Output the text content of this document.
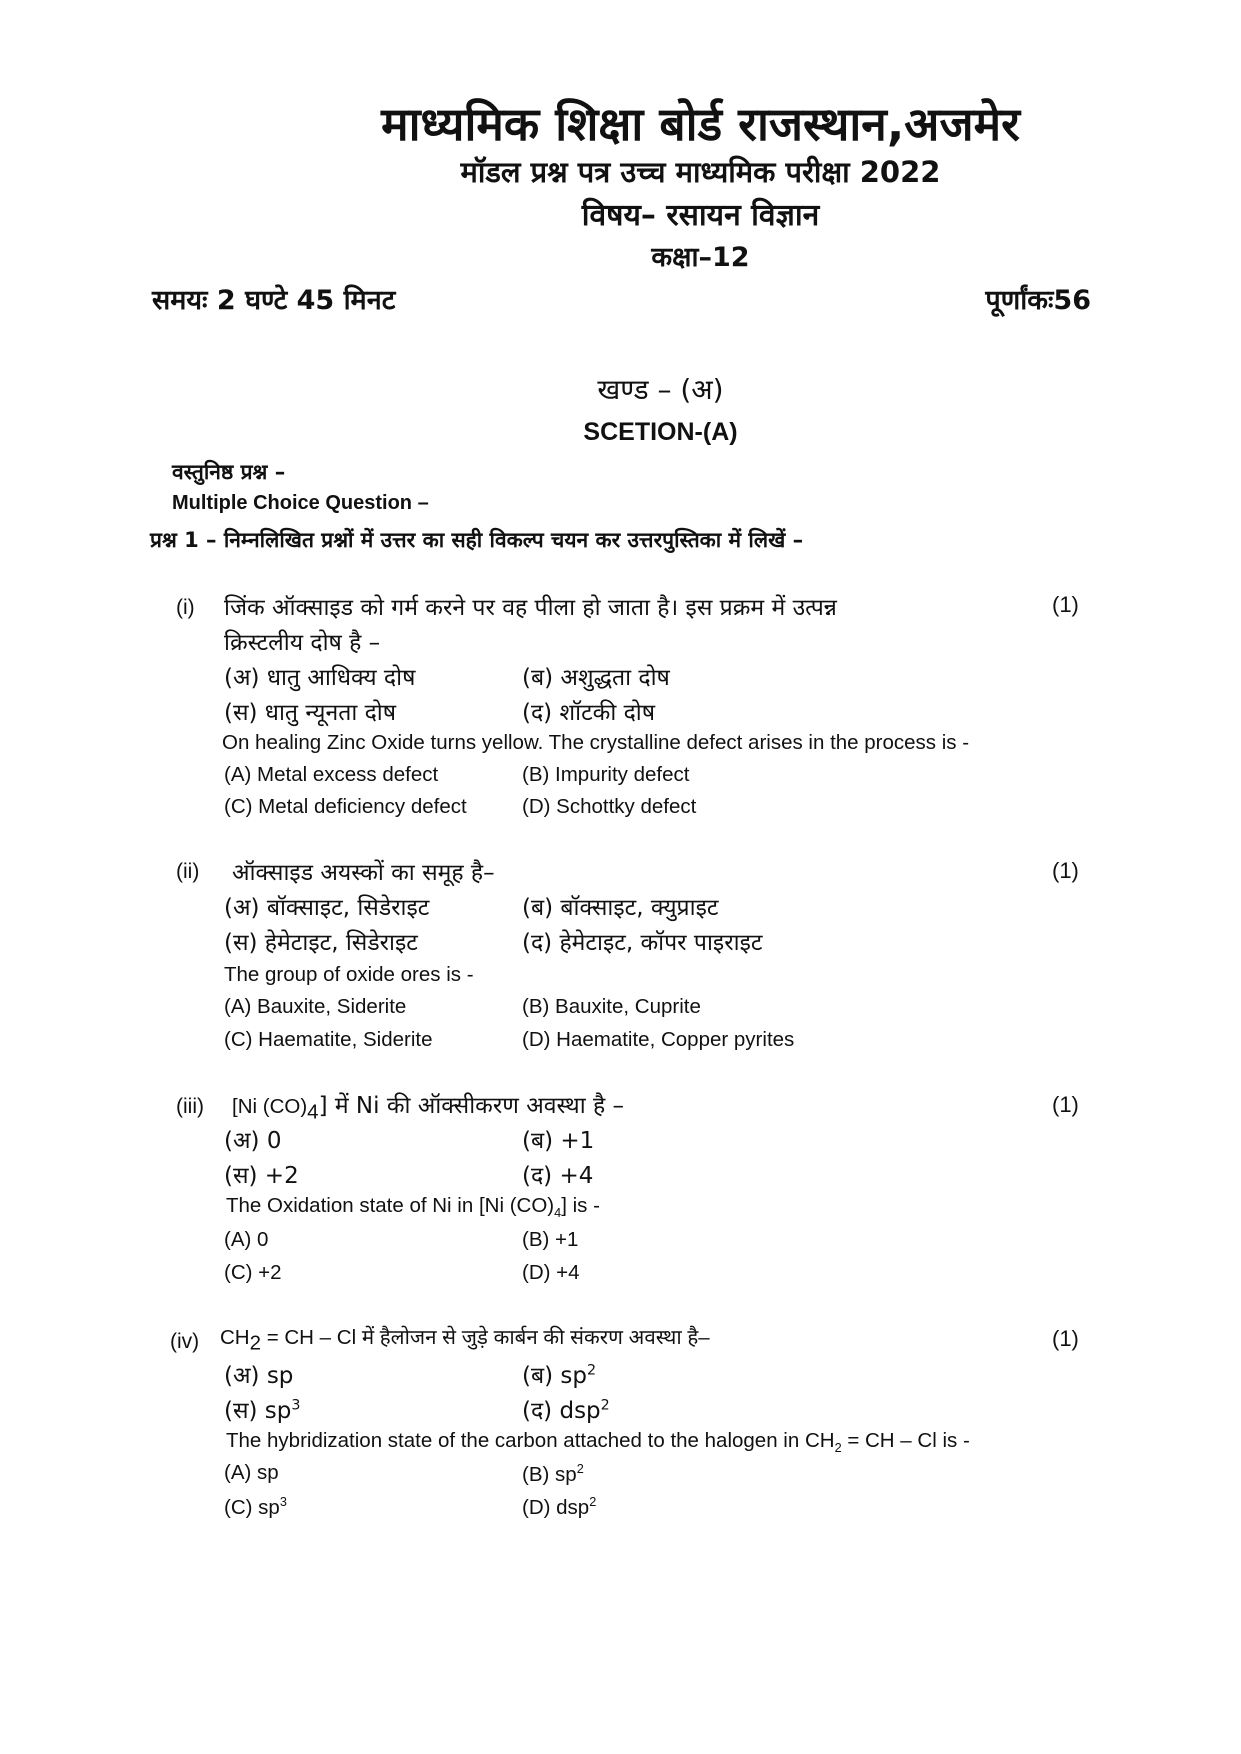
माध्यमिक शिक्षा बोर्ड राजस्थान,अजमेर
मॉडल प्रश्न पत्र उच्च माध्यमिक परीक्षा 2022
विषय– रसायन विज्ञान
कक्षा–12
समयः 2 घण्टे 45 मिनट	पूर्णांकः56
खण्ड – (अ)
SCETION-(A)
वस्तुनिष्ठ प्रश्न –
Multiple Choice Question –
प्रश्न 1 – निम्नलिखित प्रश्नों में उत्तर का सही विकल्प चयन कर उत्तरपुस्तिका में लिखें –
(i)	(1)
जिंक ऑक्साइड को गर्म करने पर वह पीला हो जाता है। इस प्रक्रम में उत्पन्न
क्रिस्टलीय दोष है –
(अ) धातु आधिक्य दोष	(ब) अशुद्धता दोष
(स) धातु न्यूनता दोष	(द) शॉटकी दोष
On healing Zinc Oxide turns yellow. The crystalline defect arises in the process is -
(A) Metal excess defect	(B) Impurity defect
(C) Metal deficiency defect	(D) Schottky defect
(ii)	(1)
ऑक्साइड अयस्कों का समूह है–
(अ) बॉक्साइट, सिडेराइट	(ब) बॉक्साइट, क्युप्राइट
(स) हेमेटाइट, सिडेराइट	(द) हेमेटाइट, कॉपर पाइराइट
The group of oxide ores is -
(A) Bauxite, Siderite	(B) Bauxite, Cuprite
(C) Haematite, Siderite	(D) Haematite, Copper pyrites
(iii)	(1)
[Ni $(CO)_4$] में Ni की ऑक्सीकरण अवस्था है –
(अ) 0	(ब) +1
(स) +2	(द) +4
The Oxidation state of Ni in [Ni $(CO)_4$] is -
(A) 0	(B) +1
(C) +2	(D) +4
(iv)	(1)
$CH_2$ = CH – Cl में हैलोजन से जुड़े कार्बन की संकरण अवस्था है–
(अ) sp	(ब) $sp^2$
(स) $sp^3$	(द) dsp$^2$
The hybridization state of the carbon attached to the halogen in $CH_2$ = CH – Cl is -
(A) sp	(B) $sp^2$
(C) $sp^3$	(D) dsp$^2$
